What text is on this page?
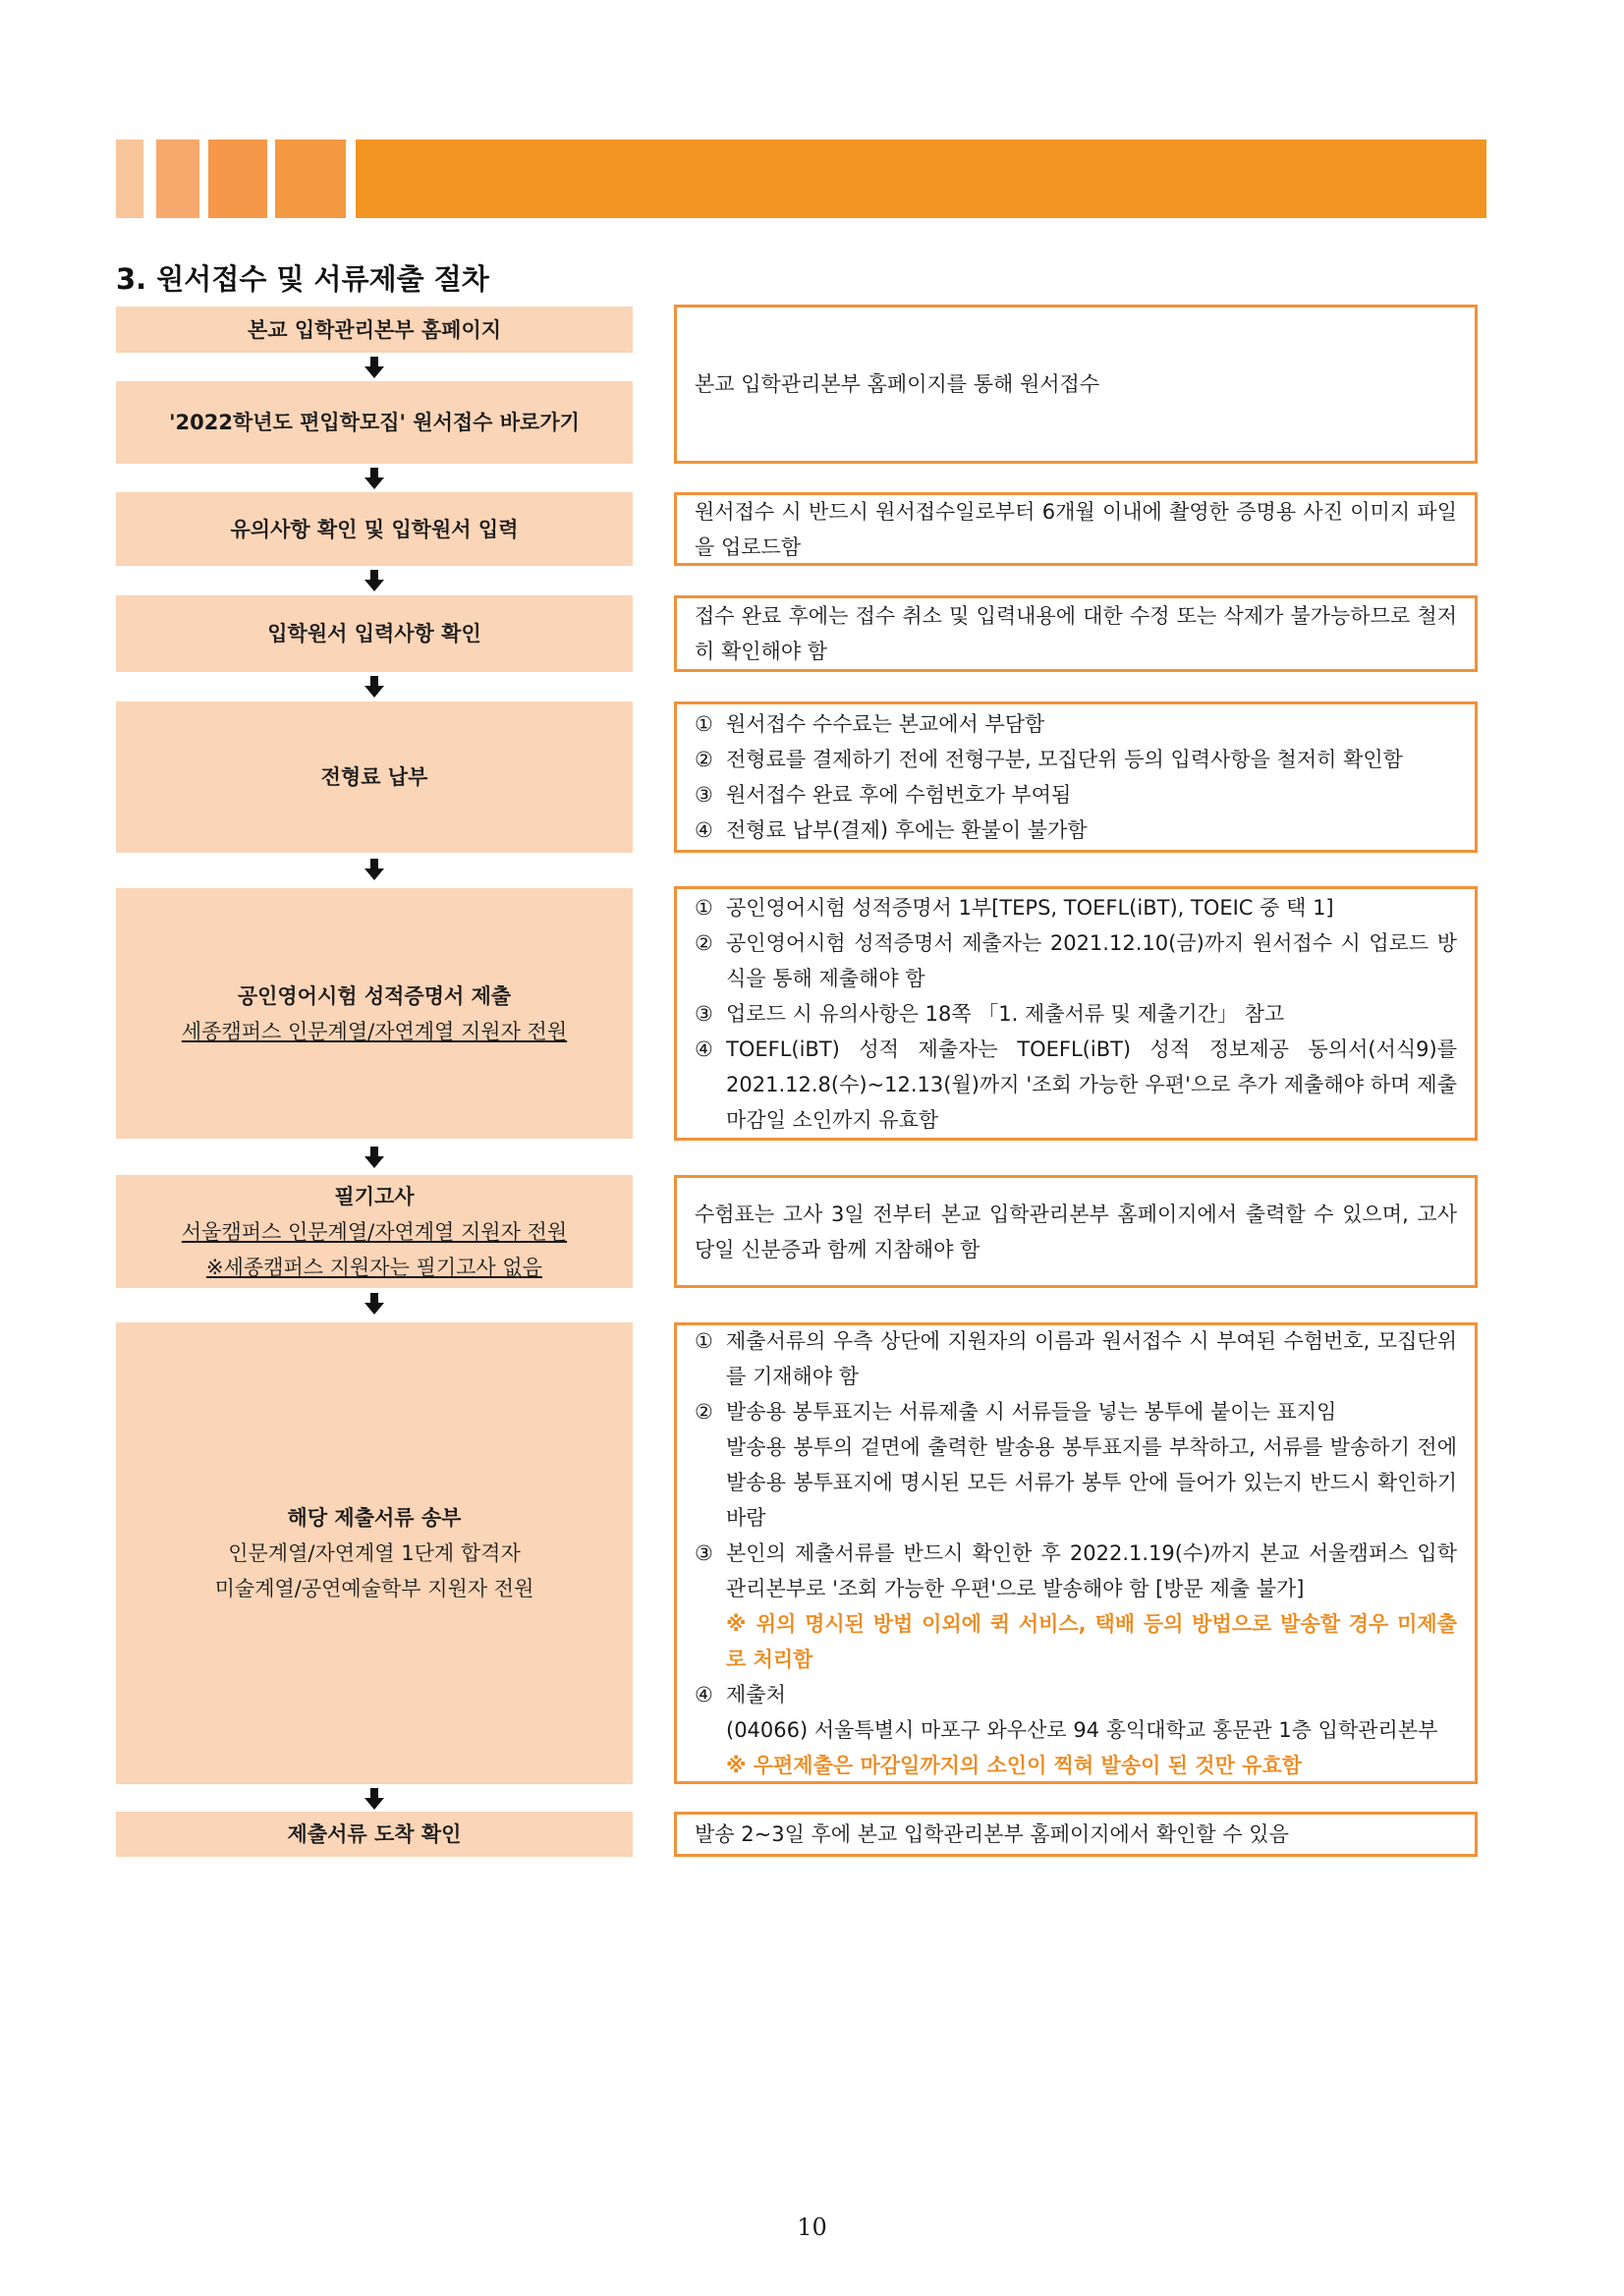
3. 원서접수 및 서류제출 절차
본교 입학관리본부 홈페이지
'2022학년도 편입학모집' 원서접수 바로가기
유의사항 확인 및 입학원서 입력
입학원서 입력사항 확인
전형료 납부
공인영어시험 성적증명서 제출
세종캠퍼스 인문계열/자연계열 지원자 전원
필기고사
서울캠퍼스 인문계열/자연계열 지원자 전원
※세종캠퍼스 지원자는 필기고사 없음
해당 제출서류 송부
인문계열/자연계열 1단계 합격자
미술계열/공연예술학부 지원자 전원
제출서류 도착 확인

본교 입학관리본부 홈페이지를 통해 원서접수

원서접수 시 반드시 원서접수일로부터 6개월 이내에 촬영한 증명용 사진 이미지 파일을 업로드함

접수 완료 후에는 접수 취소 및 입력내용에 대한 수정 또는 삭제가 불가능하므로 철저히 확인해야 함

① 원서접수 수수료는 본교에서 부담함
② 전형료를 결제하기 전에 전형구분, 모집단위 등의 입력사항을 철저히 확인함
③ 원서접수 완료 후에 수험번호가 부여됨
④ 전형료 납부(결제) 후에는 환불이 불가함
① 공인영어시험 성적증명서 1부[TEPS, TOEFL(iBT), TOEIC 중 택 1]
② 공인영어시험 성적증명서 제출자는 2021.12.10(금)까지 원서접수 시 업로드 방식을 통해 제출해야 함
③ 업로드 시 유의사항은 18쪽 「1. 제출서류 및 제출기간」 참고
④ TOEFL(iBT) 성적 제출자는 TOEFL(iBT) 성적 정보제공 동의서(서식9)를 2021.12.8(수)~12.13(월)까지 '조회 가능한 우편'으로 추가 제출해야 하며 제출 마감일 소인까지 유효함

수험표는 고사 3일 전부터 본교 입학관리본부 홈페이지에서 출력할 수 있으며, 고사 당일 신분증과 함께 지참해야 함

① 제출서류의 우측 상단에 지원자의 이름과 원서접수 시 부여된 수험번호, 모집단위를 기재해야 함
② 발송용 봉투표지는 서류제출 시 서류들을 넣는 봉투에 붙이는 표지임
발송용 봉투의 겉면에 출력한 발송용 봉투표지를 부착하고, 서류를 발송하기 전에 발송용 봉투표지에 명시된 모든 서류가 봉투 안에 들어가 있는지 반드시 확인하기 바람
③ 본인의 제출서류를 반드시 확인한 후 2022.1.19(수)까지 본교 서울캠퍼스 입학관리본부로 '조회 가능한 우편'으로 발송해야 함 [방문 제출 불가]
※ 위의 명시된 방법 이외에 퀵 서비스, 택배 등의 방법으로 발송할 경우 미제출로 처리함
④ 제출처
(04066) 서울특별시 마포구 와우산로 94 홍익대학교 홍문관 1층 입학관리본부
※ 우편제출은 마감일까지의 소인이 찍혀 발송이 된 것만 유효함

발송 2~3일 후에 본교 입학관리본부 홈페이지에서 확인할 수 있음

10
